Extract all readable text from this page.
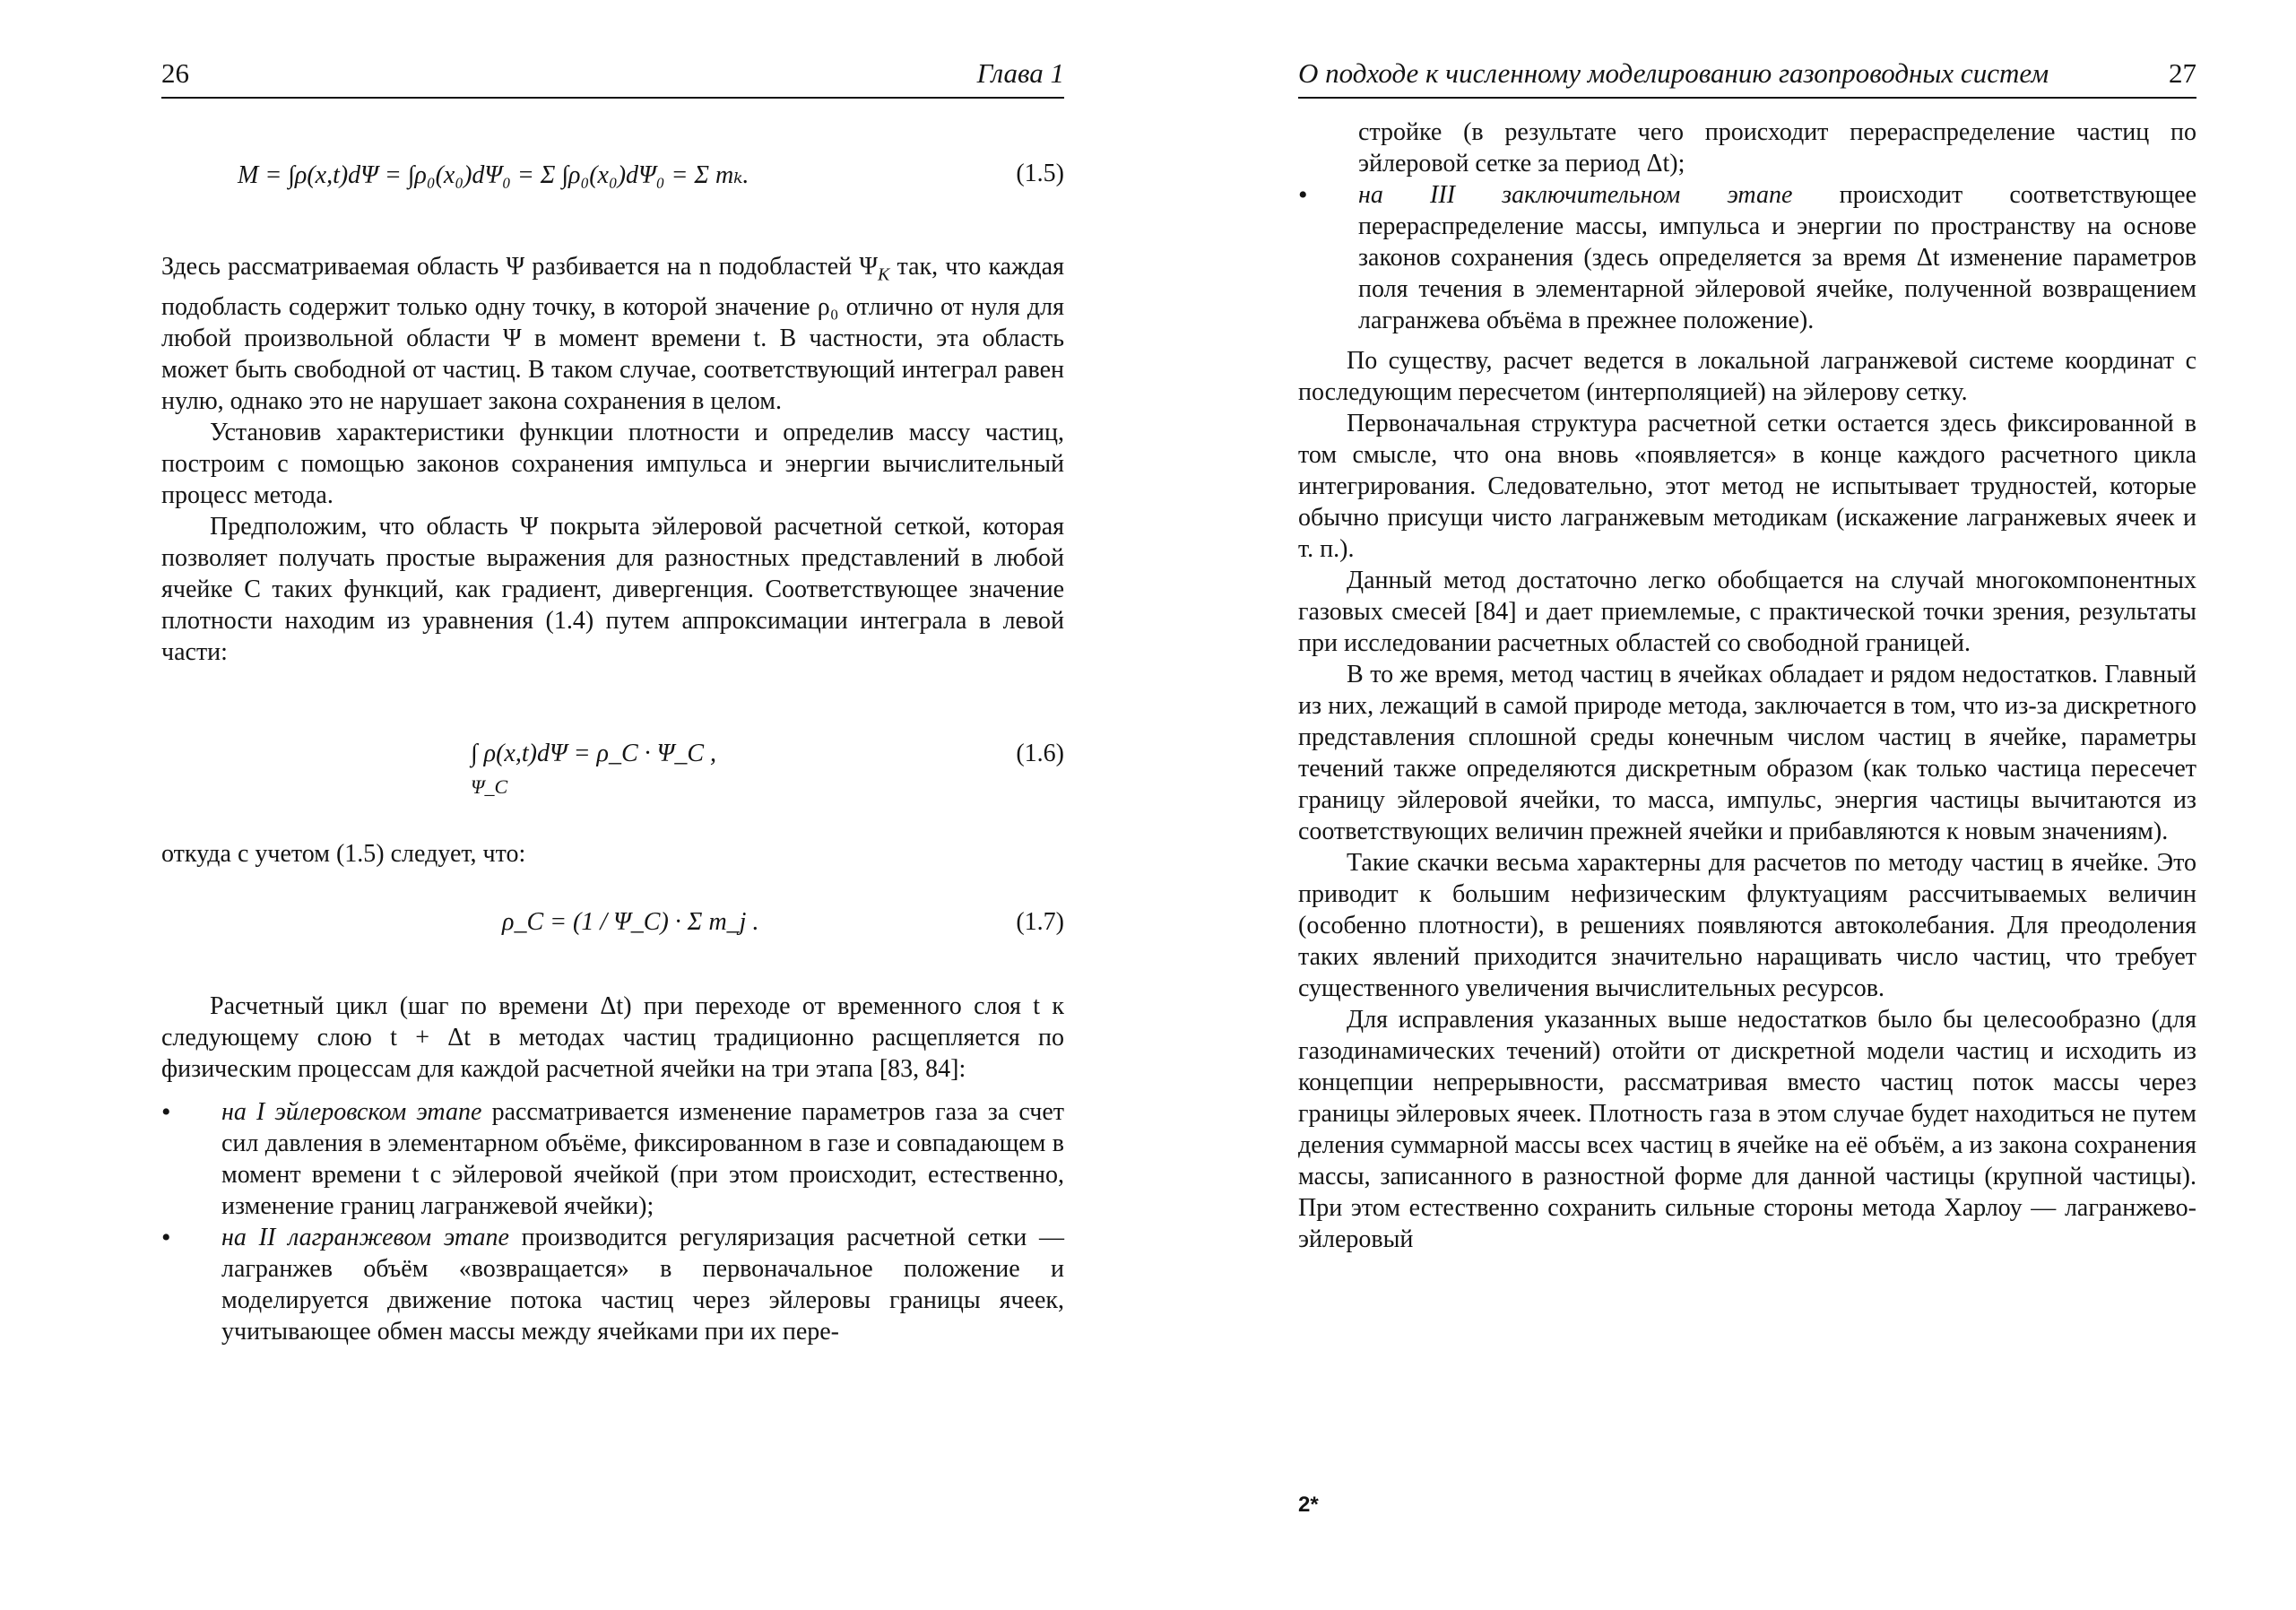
26	Глава 1
M = ∫ρ(x,t)dΨ = ∫ρ₀(x₀)dΨ₀ = Σ ∫ρ₀(x₀)dΨ₀ = Σ mₖ.	(1.5)

Здесь рассматриваемая область Ψ разбивается на n подобластей $\Psi_K$ так, что каждая подобласть содержит только одну точку, в которой значение ρ₀ отлично от нуля для любой произвольной области Ψ в момент времени t. В частности, эта область может быть свободной от частиц. В таком случае, соответствующий интеграл равен нулю, однако это не нарушает закона сохранения в целом.

Установив характеристики функции плотности и определив массу частиц, построим с помощью законов сохранения импульса и энергии вычислительный процесс метода.

Предположим, что область Ψ покрыта эйлеровой расчетной сеткой, которая позволяет получать простые выражения для разностных представлений в любой ячейке C таких функций, как градиент, дивергенция. Соответствующее значение плотности находим из уравнения (1.4) путем аппроксимации интеграла в левой части:

∫ ρ(x,t)dΨ = ρ_C · Ψ_C ,
Ψ_C
(1.6)

откуда с учетом (1.5) следует, что:

ρ_C = (1 / Ψ_C) · Σ m_j .	(1.7)

Расчетный цикл (шаг по времени Δt) при переходе от временного слоя t к следующему слою t + Δt в методах частиц традиционно расщепляется по физическим процессам для каждой расчетной ячейки на три этапа [83, 84]:

• на I эйлеровском этапе рассматривается изменение параметров газа за счет сил давления в элементарном объёме, фиксированном в газе и совпадающем в момент времени t с эйлеровой ячейкой (при этом происходит, естественно, изменение границ лагранжевой ячейки);
• на II лагранжевом этапе производится регуляризация расчетной сетки — лагранжев объём «возвращается» в первоначальное положение и моделируется движение потока частиц через эйлеровы границы ячеек, учитывающее обмен массы между ячейками при их пере-
О подходе к численному моделированию газопроводных систем	27

стройке (в результате чего происходит перераспределение частиц по эйлеровой сетке за период Δt);

• на III заключительном этапе происходит соответствующее перераспределение массы, импульса и энергии по пространству на основе законов сохранения (здесь определяется за время Δt изменение параметров поля течения в элементарной эйлеровой ячейке, полученной возвращением лагранжева объёма в прежнее положение).

По существу, расчет ведется в локальной лагранжевой системе координат с последующим пересчетом (интерполяцией) на эйлерову сетку.

Первоначальная структура расчетной сетки остается здесь фиксированной в том смысле, что она вновь «появляется» в конце каждого расчетного цикла интегрирования. Следовательно, этот метод не испытывает трудностей, которые обычно присущи чисто лагранжевым методикам (искажение лагранжевых ячеек и т. п.).

Данный метод достаточно легко обобщается на случай многокомпонентных газовых смесей [84] и дает приемлемые, с практической точки зрения, результаты при исследовании расчетных областей со свободной границей.

В то же время, метод частиц в ячейках обладает и рядом недостатков. Главный из них, лежащий в самой природе метода, заключается в том, что из-за дискретного представления сплошной среды конечным числом частиц в ячейке, параметры течений также определяются дискретным образом (как только частица пересечет границу эйлеровой ячейки, то масса, импульс, энергия частицы вычитаются из соответствующих величин прежней ячейки и прибавляются к новым значениям).

Такие скачки весьма характерны для расчетов по методу частиц в ячейке. Это приводит к большим нефизическим флуктуациям рассчитываемых величин (особенно плотности), в решениях появляются автоколебания. Для преодоления таких явлений приходится значительно наращивать число частиц, что требует существенного увеличения вычислительных ресурсов.

Для исправления указанных выше недостатков было бы целесообразно (для газодинамических течений) отойти от дискретной модели частиц и исходить из концепции непрерывности, рассматривая вместо частиц поток массы через границы эйлеровых ячеек. Плотность газа в этом случае будет находиться не путем деления суммарной массы всех частиц в ячейке на её объём, а из закона сохранения массы, записанного в разностной форме для данной частицы (крупной частицы). При этом естественно сохранить сильные стороны метода Харлоу — лагранжево-эйлеровый

2*
